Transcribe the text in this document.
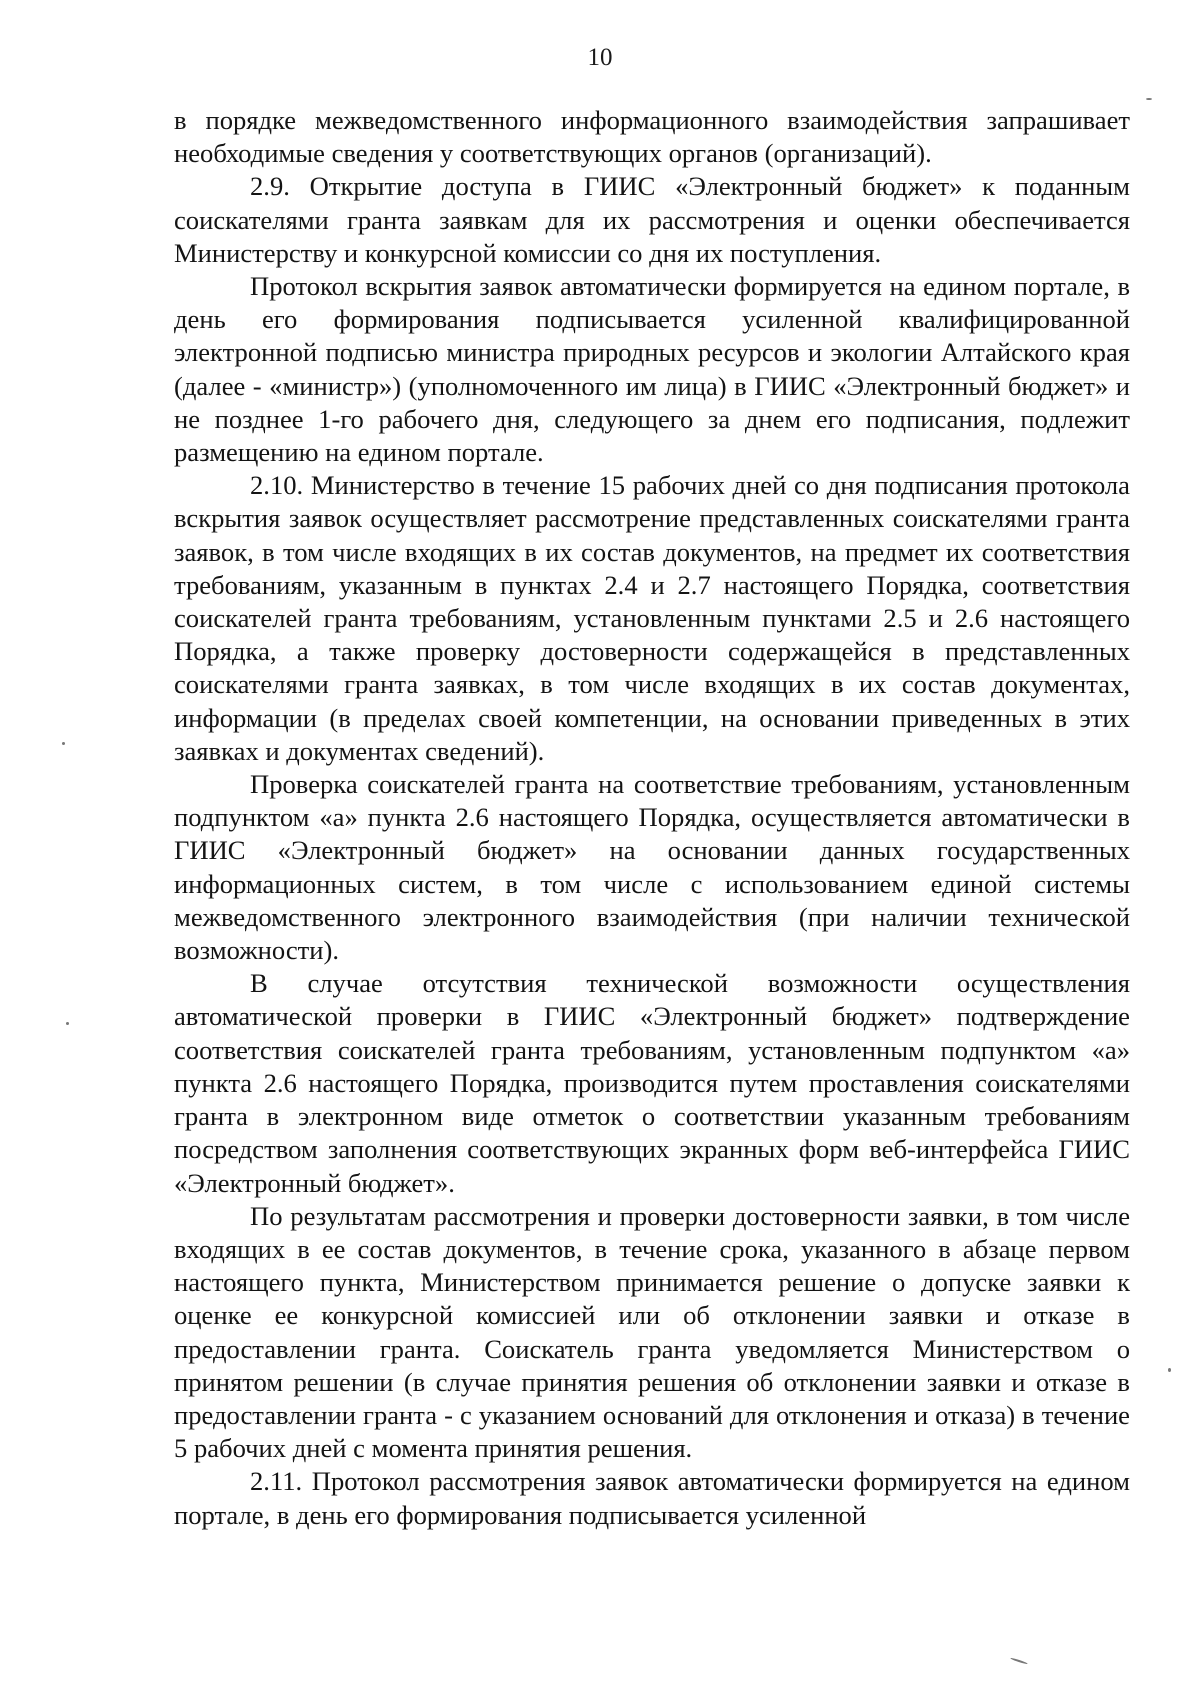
10

в порядке межведомственного информационного взаимодействия запрашивает необходимые сведения у соответствующих органов (организаций).

2.9. Открытие доступа в ГИИС «Электронный бюджет» к поданным соискателями гранта заявкам для их рассмотрения и оценки обеспечивается Министерству и конкурсной комиссии со дня их поступления.

Протокол вскрытия заявок автоматически формируется на едином портале, в день его формирования подписывается усиленной квалифицированной электронной подписью министра природных ресурсов и экологии Алтайского края (далее - «министр») (уполномоченного им лица) в ГИИС «Электронный бюджет» и не позднее 1-го рабочего дня, следующего за днем его подписания, подлежит размещению на едином портале.

2.10. Министерство в течение 15 рабочих дней со дня подписания протокола вскрытия заявок осуществляет рассмотрение представленных соискателями гранта заявок, в том числе входящих в их состав документов, на предмет их соответствия требованиям, указанным в пунктах 2.4 и 2.7 настоящего Порядка, соответствия соискателей гранта требованиям, установленным пунктами 2.5 и 2.6 настоящего Порядка, а также проверку достоверности содержащейся в представленных соискателями гранта заявках, в том числе входящих в их состав документах, информации (в пределах своей компетенции, на основании приведенных в этих заявках и документах сведений).

Проверка соискателей гранта на соответствие требованиям, установленным подпунктом «а» пункта 2.6 настоящего Порядка, осуществляется автоматически в ГИИС «Электронный бюджет» на основании данных государственных информационных систем, в том числе с использованием единой системы межведомственного электронного взаимодействия (при наличии технической возможности).

В случае отсутствия технической возможности осуществления автоматической проверки в ГИИС «Электронный бюджет» подтверждение соответствия соискателей гранта требованиям, установленным подпунктом «а» пункта 2.6 настоящего Порядка, производится путем проставления соискателями гранта в электронном виде отметок о соответствии указанным требованиям посредством заполнения соответствующих экранных форм веб-интерфейса ГИИС «Электронный бюджет».

По результатам рассмотрения и проверки достоверности заявки, в том числе входящих в ее состав документов, в течение срока, указанного в абзаце первом настоящего пункта, Министерством принимается решение о допуске заявки к оценке ее конкурсной комиссией или об отклонении заявки и отказе в предоставлении гранта. Соискатель гранта уведомляется Министерством о принятом решении (в случае принятия решения об отклонении заявки и отказе в предоставлении гранта - с указанием оснований для отклонения и отказа) в течение 5 рабочих дней с момента принятия решения.

2.11. Протокол рассмотрения заявок автоматически формируется на едином портале, в день его формирования подписывается усиленной
